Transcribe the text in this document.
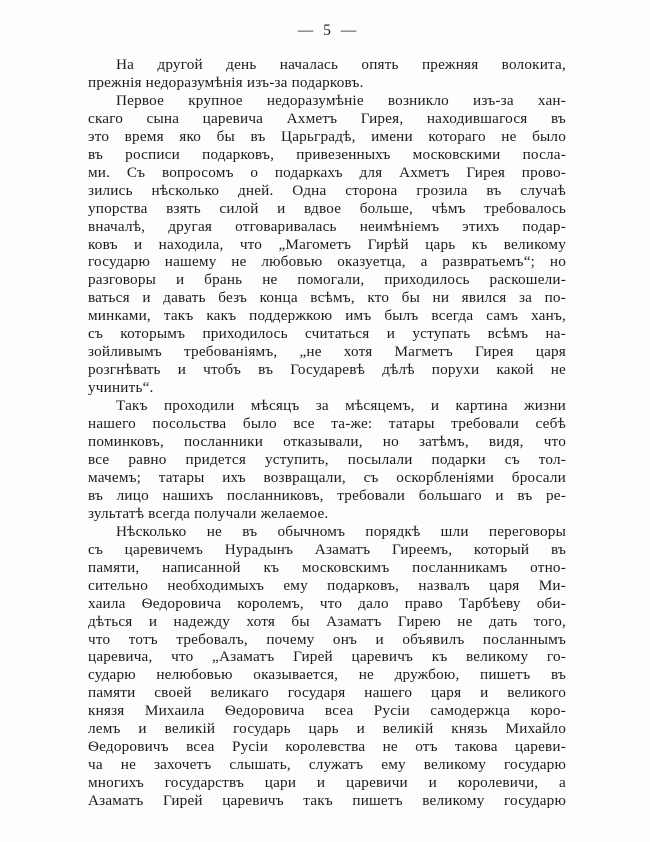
— 5 —
На другой день началась опять прежняя волокита,
прежнія недоразумѣнія изъ-за подарковъ.
Первое крупное недоразумѣніе возникло изъ-за хан-
скаго сына царевича Ахметъ Гирея, находившагося въ
это время яко бы въ Царьградѣ, имени котораго не было
въ росписи подарковъ, привезенныхъ московскими посла-
ми. Съ вопросомъ о подаркахъ для Ахметъ Гирея прово-
зились нѣсколько дней. Одна сторона грозила въ случаѣ
упорства взять силой и вдвое больше, чѣмъ требовалось
вначалѣ, другая отговаривалась неимѣніемъ этихъ подар-
ковъ и находила, что „Магометъ Гирѣй царь къ великому
государю нашему не любовью оказуетца, а развратьемъ“; но
разговоры и брань не помогали, приходилось раскошели-
ваться и давать безъ конца всѣмъ, кто бы ни явился за по-
минками, такъ какъ поддержкою имъ былъ всегда самъ ханъ,
съ которымъ приходилось считаться и уступать всѣмъ на-
зойливымъ требованіямъ, „не хотя Магметъ Гирея царя
розгнѣвать и чтобъ въ Государевѣ дѣлѣ порухи какой не
учинить“.
Такъ проходили мѣсяцъ за мѣсяцемъ, и картина жизни
нашего посольства было все та-же: татары требовали себѣ
поминковъ, посланники отказывали, но затѣмъ, видя, что
все равно придется уступить, посылали подарки съ тол-
мачемъ; татары ихъ возвращали, съ оскорбленіями бросали
въ лицо нашихъ посланниковъ, требовали большаго и въ ре-
зультатѣ всегда получали желаемое.
Нѣсколько не въ обычномъ порядкѣ шли переговоры
съ царевичемъ Нурадынъ Азаматъ Гиреемъ, который въ
памяти, написанной къ московскимъ посланникамъ отно-
сительно необходимыхъ ему подарковъ, назвалъ царя Ми-
хаила Ѳедоровича королемъ, что дало право Тарбѣеву оби-
дѣться и надежду хотя бы Азаматъ Гирею не дать того,
что тотъ требовалъ, почему онъ и объявилъ посланнымъ
царевича, что „Азаматъ Гирей царевичъ къ великому го-
сударю нелюбовью оказывается, не дружбою, пишетъ въ
памяти своей великаго государя нашего царя и великого
князя Михаила Ѳедоровича всеа Русіи самодержца коро-
лемъ и великій государь царь и великій князь Михайло
Ѳедоровичъ всеа Русіи королевства не отъ такова цареви-
ча не захочетъ слышать, служатъ ему великому государю
многихъ государствъ цари и царевичи и королевичи, а
Азаматъ Гирей царевичъ такъ пишетъ великому государю
